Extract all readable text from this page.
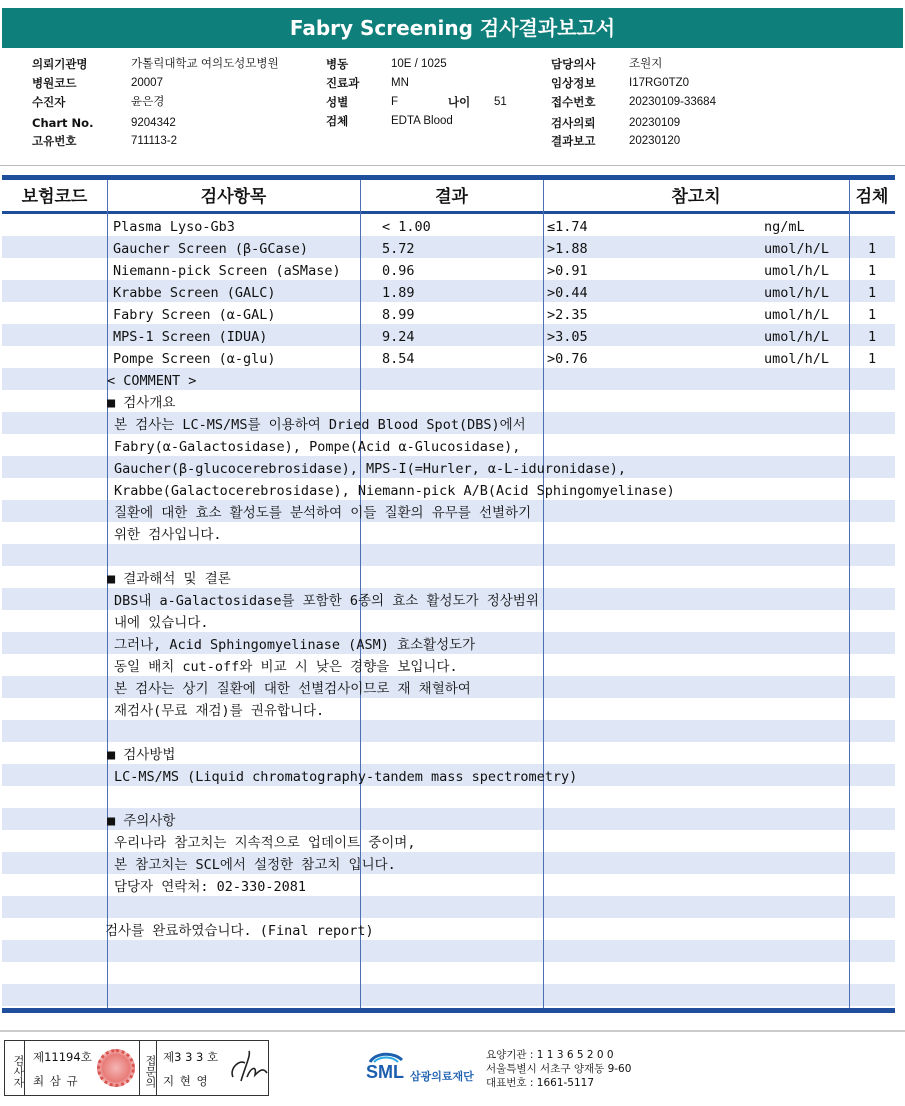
Fabry Screening 검사결과보고서
의뢰기관명	가톨릭대학교 여의도성모병원
병원코드	20007
수진자	윤은경
Chart No.	9204342
고유번호	711113-2
병동	10E / 1025
진료과	MN
성별	F	나이 51
검체	EDTA Blood
담당의사	조원지
임상정보	I17RG0TZ0
접수번호	20230109-33684
검사의뢰	20230109
결과보고	20230120
보험코드	검사항목	결과	참고치	검체
Plasma Lyso-Gb3	< 1.00	≤1.74	ng/mL
Gaucher Screen (β-GCase)	5.72	>1.88	umol/h/L	1
Niemann-pick Screen (aSMase)	0.96	>0.91	umol/h/L	1
Krabbe Screen (GALC)	1.89	>0.44	umol/h/L	1
Fabry Screen (α-GAL)	8.99	>2.35	umol/h/L	1
MPS-1 Screen (IDUA)	9.24	>3.05	umol/h/L	1
Pompe Screen (α-glu)	8.54	>0.76	umol/h/L	1
< COMMENT >
■ 검사개요
본 검사는 LC-MS/MS를 이용하여 Dried Blood Spot(DBS)에서
Fabry(α-Galactosidase), Pompe(Acid α-Glucosidase),
Gaucher(β-glucocerebrosidase), MPS-I(=Hurler, α-L-iduronidase),
Krabbe(Galactocerebrosidase), Niemann-pick A/B(Acid Sphingomyelinase)
질환에 대한 효소 활성도를 분석하여 이들 질환의 유무를 선별하기
위한 검사입니다.
■ 결과해석 및 결론
DBS내 a-Galactosidase를 포함한 6종의 효소 활성도가 정상범위
내에 있습니다.
그러나, Acid Sphingomyelinase (ASM) 효소활성도가
동일 배치 cut-off와 비교 시 낮은 경향을 보입니다.
본 검사는 상기 질환에 대한 선별검사이므로 재 채혈하여
재검사(무료 재검)를 권유합니다.
■ 검사방법
LC-MS/MS (Liquid chromatography-tandem mass spectrometry)
■ 주의사항
우리나라 참고치는 지속적으로 업데이트 중이며,
본 참고치는 SCL에서 설정한 참고치 입니다.
담당자 연락처: 02-330-2081
검사를 완료하였습니다. (Final report)
검사자 제11194호
최 삼 규	접문의 제3 3 3 호
지 현 영	SML 삼광의료재단
요양기관 : 1 1 3 6 5 2 0 0
서울특별시 서초구 양재동 9-60
대표번호 : 1661-5117
